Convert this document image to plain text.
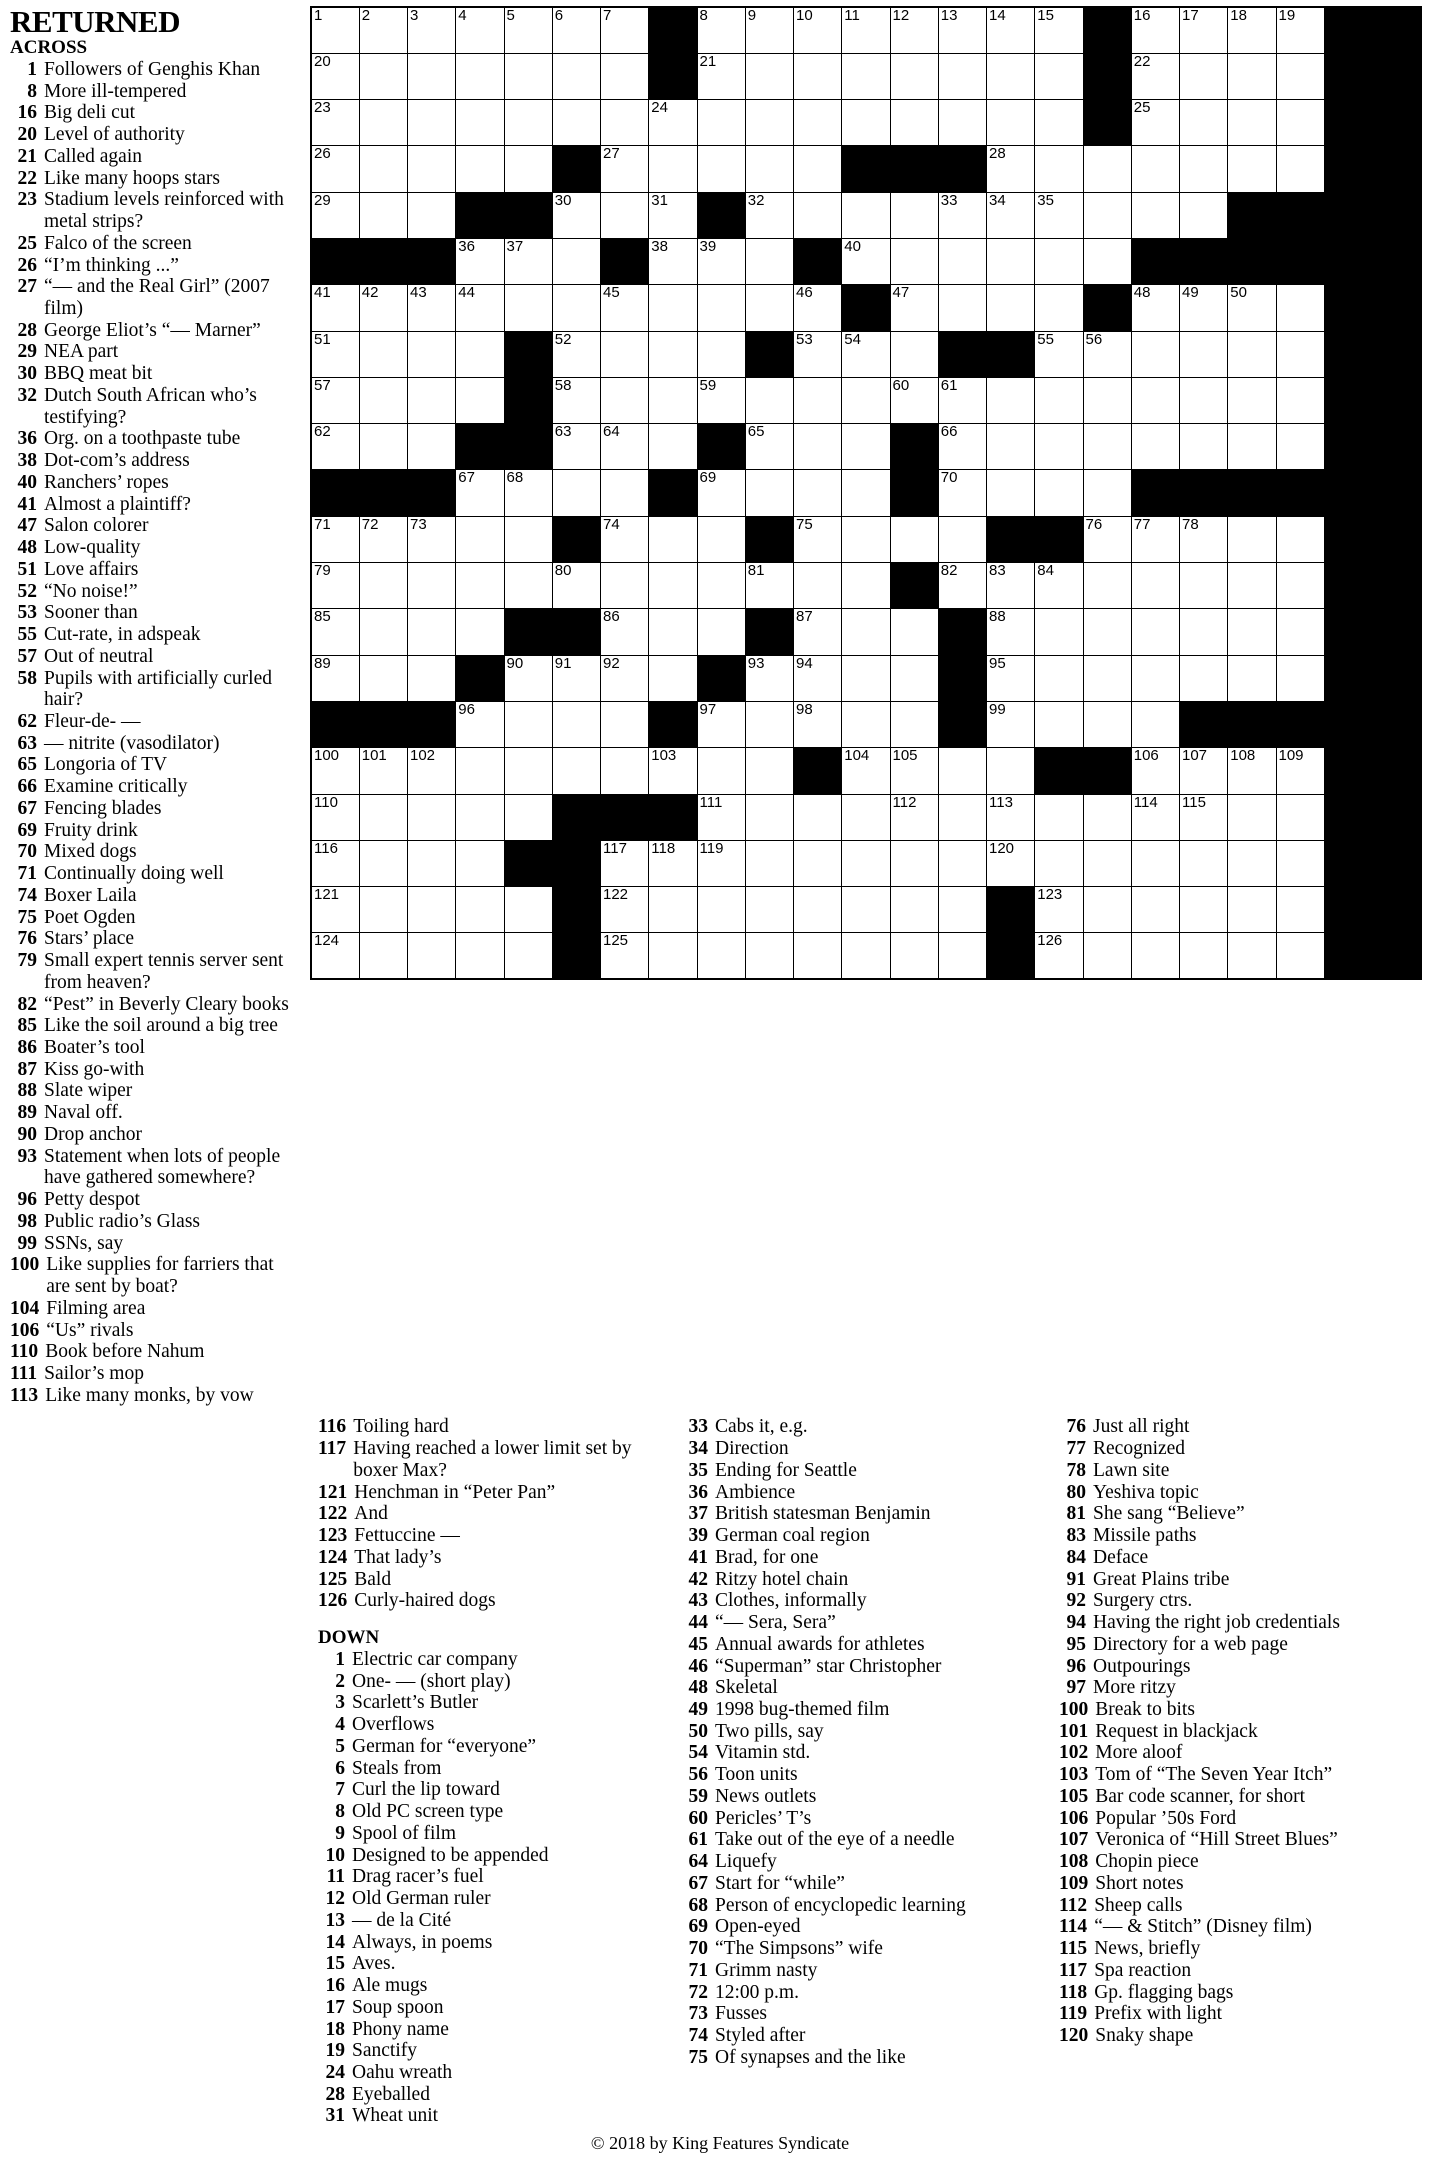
RETURNED
ACROSS
1 Followers of Genghis Khan
8 More ill-tempered
16 Big deli cut
20 Level of authority
21 Called again
22 Like many hoops stars
23 Stadium levels reinforced with metal strips?
25 Falco of the screen
26 “I’m thinking ...”
27 “— and the Real Girl” (2007 film)
28 George Eliot’s “— Marner”
29 NEA part
30 BBQ meat bit
32 Dutch South African who’s testifying?
36 Org. on a toothpaste tube
38 Dot-com’s address
40 Ranchers’ ropes
41 Almost a plaintiff?
47 Salon colorer
48 Low-quality
51 Love affairs
52 “No noise!”
53 Sooner than
55 Cut-rate, in adspeak
57 Out of neutral
58 Pupils with artificially curled hair?
62 Fleur-de- —
63 — nitrite (vasodilator)
65 Longoria of TV
66 Examine critically
67 Fencing blades
69 Fruity drink
70 Mixed dogs
71 Continually doing well
74 Boxer Laila
75 Poet Ogden
76 Stars’ place
79 Small expert tennis server sent from heaven?
82 “Pest” in Beverly Cleary books
85 Like the soil around a big tree
86 Boater’s tool
87 Kiss go-with
88 Slate wiper
89 Naval off.
90 Drop anchor
93 Statement when lots of people have gathered somewhere?
96 Petty despot
98 Public radio’s Glass
99 SSNs, say
100 Like supplies for farriers that are sent by boat?
104 Filming area
106 “Us” rivals
110 Book before Nahum
111 Sailor’s mop
113 Like many monks, by vow
1	2	3	4	5	6	7		8	9	10	11	12	13	14	15		16	17	18	19		

20								21									22					

23							24										25					

26						27								28								

29					30		31		32				33	34	35							

			36	37			38	39			40											

41	42	43	44			45				46		47					48	49	50			

51					52					53	54				55	56						

57					58			59				60	61									

62					63	64			65				66									

			67	68				69					70									

71	72	73				74				75						76	77	78				

79					80				81				82	83	84							

85						86				87				88								

89				90	91	92			93	94				95								

			96					97		98				99								

100	101	102					103				104	105					106	107	108	109		

110								111				112		113			114	115				

116						117	118	119						120								

121						122									123							

124						125									126							

116 Toiling hard
117 Having reached a lower limit set by boxer Max?
121 Henchman in “Peter Pan”
122 And
123 Fettuccine —
124 That lady’s
125 Bald
126 Curly-haired dogs
DOWN
1 Electric car company
2 One- — (short play)
3 Scarlett’s Butler
4 Overflows
5 German for “everyone”
6 Steals from
7 Curl the lip toward
8 Old PC screen type
9 Spool of film
10 Designed to be appended
11 Drag racer’s fuel
12 Old German ruler
13 — de la Cité
14 Always, in poems
15 Aves.
16 Ale mugs
17 Soup spoon
18 Phony name
19 Sanctify
24 Oahu wreath
28 Eyeballed
31 Wheat unit
33 Cabs it, e.g.
34 Direction
35 Ending for Seattle
36 Ambience
37 British statesman Benjamin
39 German coal region
41 Brad, for one
42 Ritzy hotel chain
43 Clothes, informally
44 “— Sera, Sera”
45 Annual awards for athletes
46 “Superman” star Christopher
48 Skeletal
49 1998 bug-themed film
50 Two pills, say
54 Vitamin std.
56 Toon units
59 News outlets
60 Pericles’ T’s
61 Take out of the eye of a needle
64 Liquefy
67 Start for “while”
68 Person of encyclopedic learning
69 Open-eyed
70 “The Simpsons” wife
71 Grimm nasty
72 12:00 p.m.
73 Fusses
74 Styled after
75 Of synapses and the like
76 Just all right
77 Recognized
78 Lawn site
80 Yeshiva topic
81 She sang “Believe”
83 Missile paths
84 Deface
91 Great Plains tribe
92 Surgery ctrs.
94 Having the right job credentials
95 Directory for a web page
96 Outpourings
97 More ritzy
100 Break to bits
101 Request in blackjack
102 More aloof
103 Tom of “The Seven Year Itch”
105 Bar code scanner, for short
106 Popular ’50s Ford
107 Veronica of “Hill Street Blues”
108 Chopin piece
109 Short notes
112 Sheep calls
114 “— & Stitch” (Disney film)
115 News, briefly
117 Spa reaction
118 Gp. flagging bags
119 Prefix with light
120 Snaky shape
© 2018 by King Features Syndicate
